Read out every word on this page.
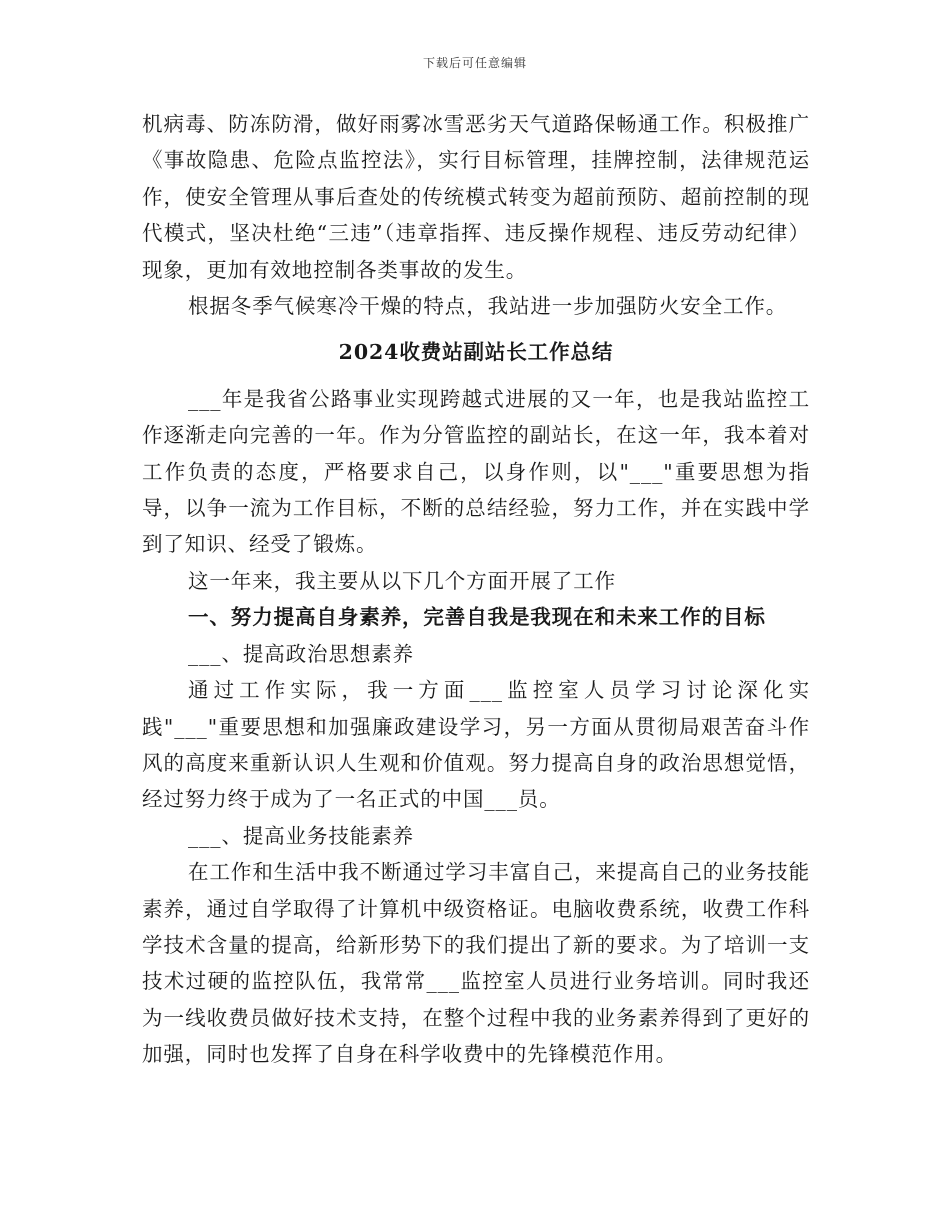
下载后可任意编辑

机病毒、防冻防滑，做好雨雾冰雪恶劣天气道路保畅通工作。积极推广《事故隐患、危险点监控法》，实行目标管理，挂牌控制，法律规范运作，使安全管理从事后查处的传统模式转变为超前预防、超前控制的现代模式，坚决杜绝“三违”（违章指挥、违反操作规程、违反劳动纪律）现象，更加有效地控制各类事故的发生。

根据冬季气候寒冷干燥的特点，我站进一步加强防火安全工作。

2024收费站副站长工作总结

___年是我省公路事业实现跨越式进展的又一年，也是我站监控工作逐渐走向完善的一年。作为分管监控的副站长，在这一年，我本着对工作负责的态度，严格要求自己，以身作则，以"___"重要思想为指导，以争一流为工作目标，不断的总结经验，努力工作，并在实践中学到了知识、经受了锻炼。

这一年来，我主要从以下几个方面开展了工作

一、努力提高自身素养，完善自我是我现在和未来工作的目标

___、提高政治思想素养

通过工作实际，我一方面___监控室人员学习讨论深化实践"___"重要思想和加强廉政建设学习，另一方面从贯彻局艰苦奋斗作风的高度来重新认识人生观和价值观。努力提高自身的政治思想觉悟，经过努力终于成为了一名正式的中国___员。

___、提高业务技能素养

在工作和生活中我不断通过学习丰富自己，来提高自己的业务技能素养，通过自学取得了计算机中级资格证。电脑收费系统，收费工作科学技术含量的提高，给新形势下的我们提出了新的要求。为了培训一支技术过硬的监控队伍，我常常___监控室人员进行业务培训。同时我还为一线收费员做好技术支持，在整个过程中我的业务素养得到了更好的加强，同时也发挥了自身在科学收费中的先锋模范作用。
